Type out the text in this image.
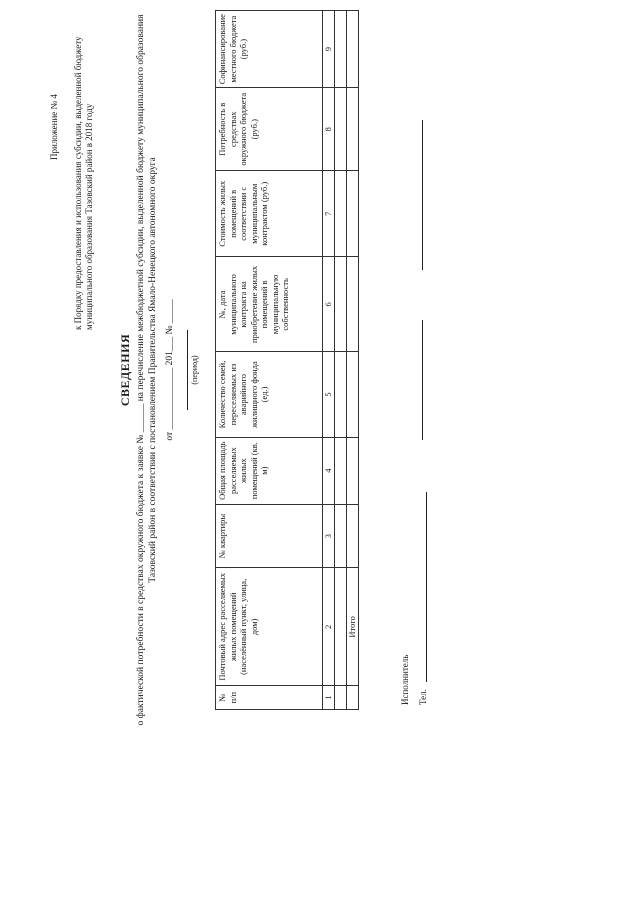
Приложение № 4 к Порядку предоставления и использования субсидии, выделенной бюджету муниципального образования Тазовский район в 2018 году
СВЕДЕНИЯ о фактической потребности в средствах окружного бюджета к заявке № ______ на перечисление межбюджетной субсидии, выделенной бюджету муниципального образования Тазовский район в соответствии с постановлением Правительства Ямало-Ненецкого автономного округа от _____________ 201___ № _____ (период)
№ п/п	Почтовый адрес расселяемых жилых помещений (населённый пункт, улица, дом)	№ квартиры	Общая площадь расселяемых жилых помещений (кв. м)	Количество семей, переселяемых из аварийного жилищного фонда (ед.)	№, дата муниципального контракта на приобретение жилых помещений в муниципальную собственность	Стоимость жилых помещений в соответствии с муниципальным контрактом (руб.)	Потребность в средствах окружного бюджета (руб.)	Софинансирование местного бюджета (руб.)
1	2	3	4	5	6	7	8	9

	Итого							
Исполнитель Тел.
